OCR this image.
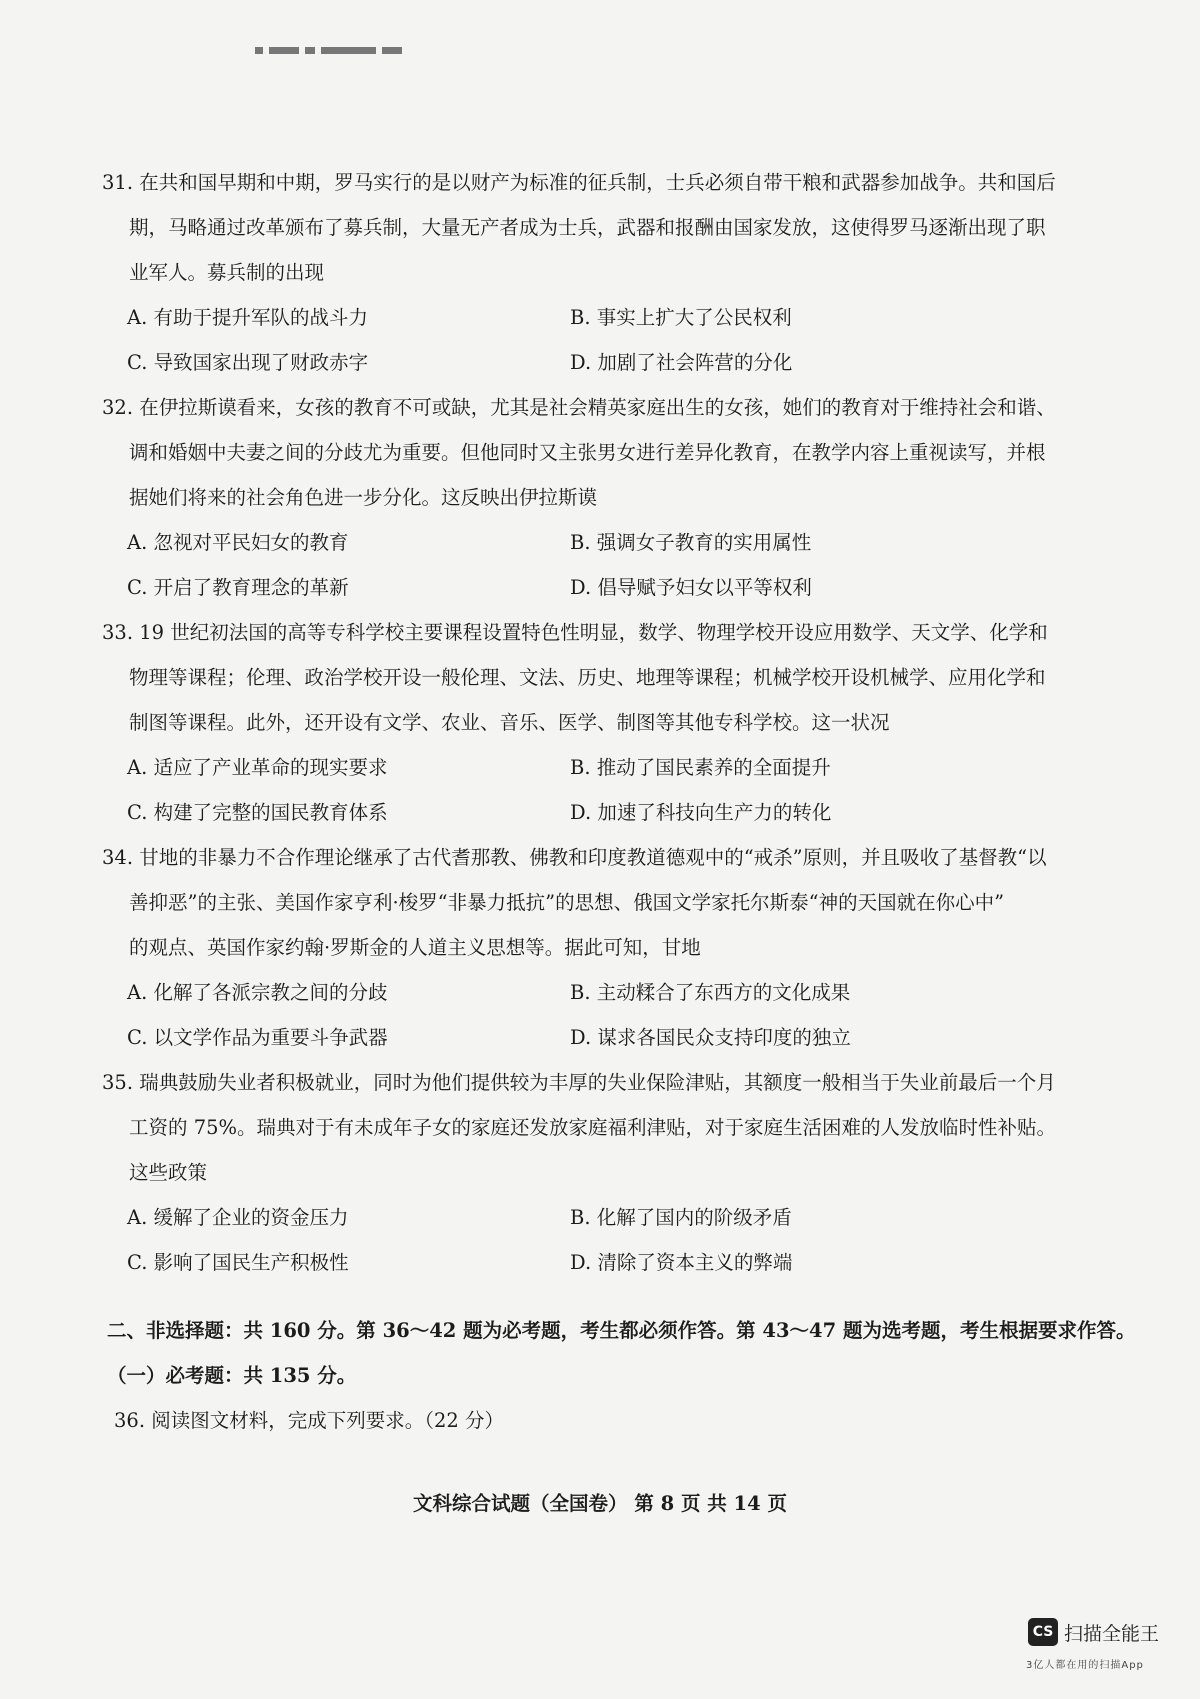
31. 在共和国早期和中期，罗马实行的是以财产为标准的征兵制，士兵必须自带干粮和武器参加战争。共和国后
期，马略通过改革颁布了募兵制，大量无产者成为士兵，武器和报酬由国家发放，这使得罗马逐渐出现了职
业军人。募兵制的出现
A. 有助于提升军队的战斗力	B. 事实上扩大了公民权利
C. 导致国家出现了财政赤字	D. 加剧了社会阵营的分化
32. 在伊拉斯谟看来，女孩的教育不可或缺，尤其是社会精英家庭出生的女孩，她们的教育对于维持社会和谐、
调和婚姻中夫妻之间的分歧尤为重要。但他同时又主张男女进行差异化教育，在教学内容上重视读写，并根
据她们将来的社会角色进一步分化。这反映出伊拉斯谟
A. 忽视对平民妇女的教育	B. 强调女子教育的实用属性
C. 开启了教育理念的革新	D. 倡导赋予妇女以平等权利
33. 19 世纪初法国的高等专科学校主要课程设置特色性明显，数学、物理学校开设应用数学、天文学、化学和
物理等课程；伦理、政治学校开设一般伦理、文法、历史、地理等课程；机械学校开设机械学、应用化学和
制图等课程。此外，还开设有文学、农业、音乐、医学、制图等其他专科学校。这一状况
A. 适应了产业革命的现实要求	B. 推动了国民素养的全面提升
C. 构建了完整的国民教育体系	D. 加速了科技向生产力的转化
34. 甘地的非暴力不合作理论继承了古代耆那教、佛教和印度教道德观中的“戒杀”原则，并且吸收了基督教“以
善抑恶”的主张、美国作家亨利·梭罗“非暴力抵抗”的思想、俄国文学家托尔斯泰“神的天国就在你心中”
的观点、英国作家约翰·罗斯金的人道主义思想等。据此可知，甘地
A. 化解了各派宗教之间的分歧	B. 主动糅合了东西方的文化成果
C. 以文学作品为重要斗争武器	D. 谋求各国民众支持印度的独立
35. 瑞典鼓励失业者积极就业，同时为他们提供较为丰厚的失业保险津贴，其额度一般相当于失业前最后一个月
工资的 75%。瑞典对于有未成年子女的家庭还发放家庭福利津贴，对于家庭生活困难的人发放临时性补贴。
这些政策
A. 缓解了企业的资金压力	B. 化解了国内的阶级矛盾
C. 影响了国民生产积极性	D. 清除了资本主义的弊端
二、非选择题：共 160 分。第 36～42 题为必考题，考生都必须作答。第 43～47 题为选考题，考生根据要求作答。
（一）必考题：共 135 分。
36. 阅读图文材料，完成下列要求。（22 分）
文科综合试题（全国卷） 第 8 页 共 14 页
CS 扫描全能王
3亿人都在用的扫描App
